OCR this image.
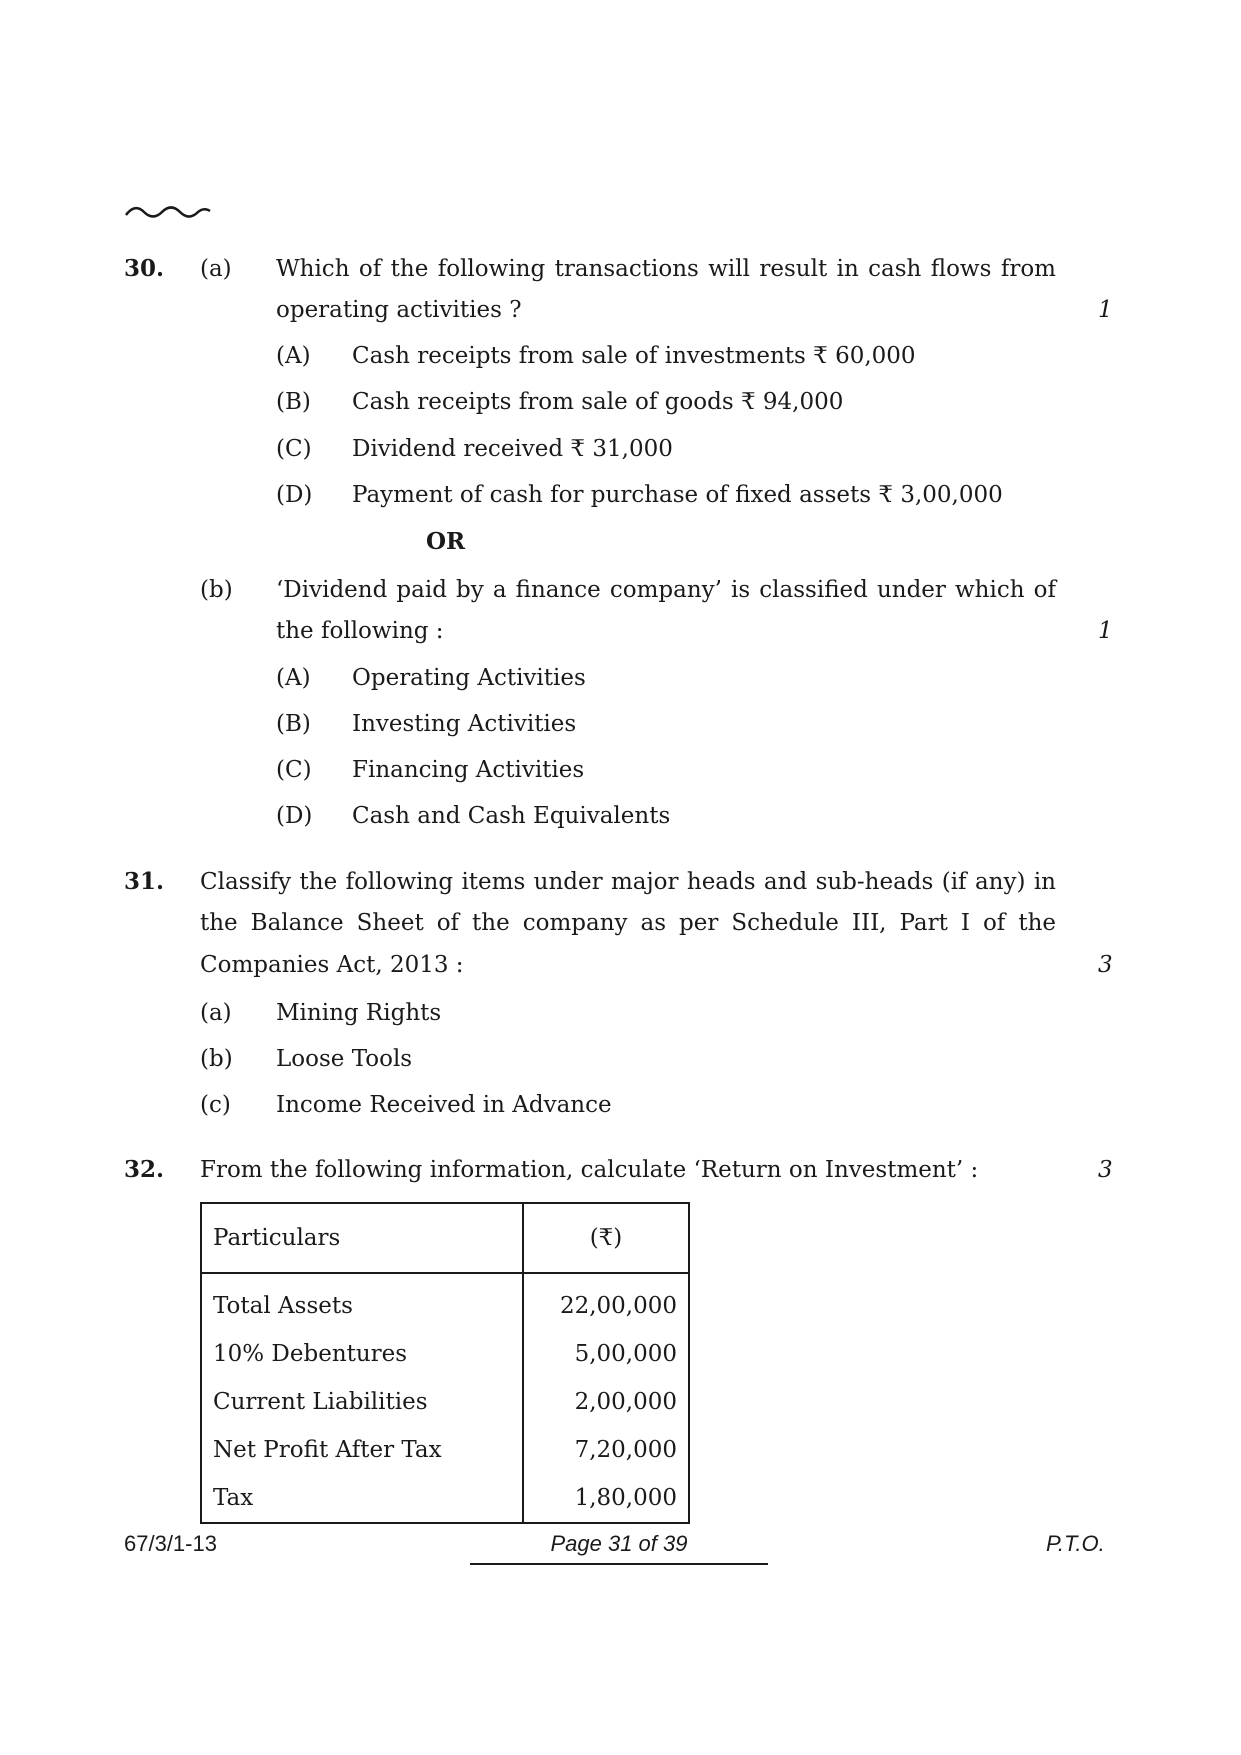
30. (a) Which of the following transactions will result in cash flows from
operating activities ?	1
(A) Cash receipts from sale of investments ₹ 60,000
(B) Cash receipts from sale of goods ₹ 94,000
(C) Dividend received ₹ 31,000
(D) Payment of cash for purchase of fixed assets ₹ 3,00,000
OR
(b) ‘Dividend paid by a finance company’ is classified under which of
the following :	1
(A) Operating Activities
(B) Investing Activities
(C) Financing Activities
(D) Cash and Cash Equivalents
31. Classify the following items under major heads and sub-heads (if any) in
the Balance Sheet of the company as per Schedule III, Part I of the
Companies Act, 2013 :	3
(a) Mining Rights
(b) Loose Tools
(c) Income Received in Advance
32. From the following information, calculate ‘Return on Investment’ :	3
Particulars	(₹)
Total Assets	22,00,000
10% Debentures	5,00,000
Current Liabilities	2,00,000
Net Profit After Tax	7,20,000
Tax	1,80,000
67/3/1-13	Page 31 of 39	P.T.O.
